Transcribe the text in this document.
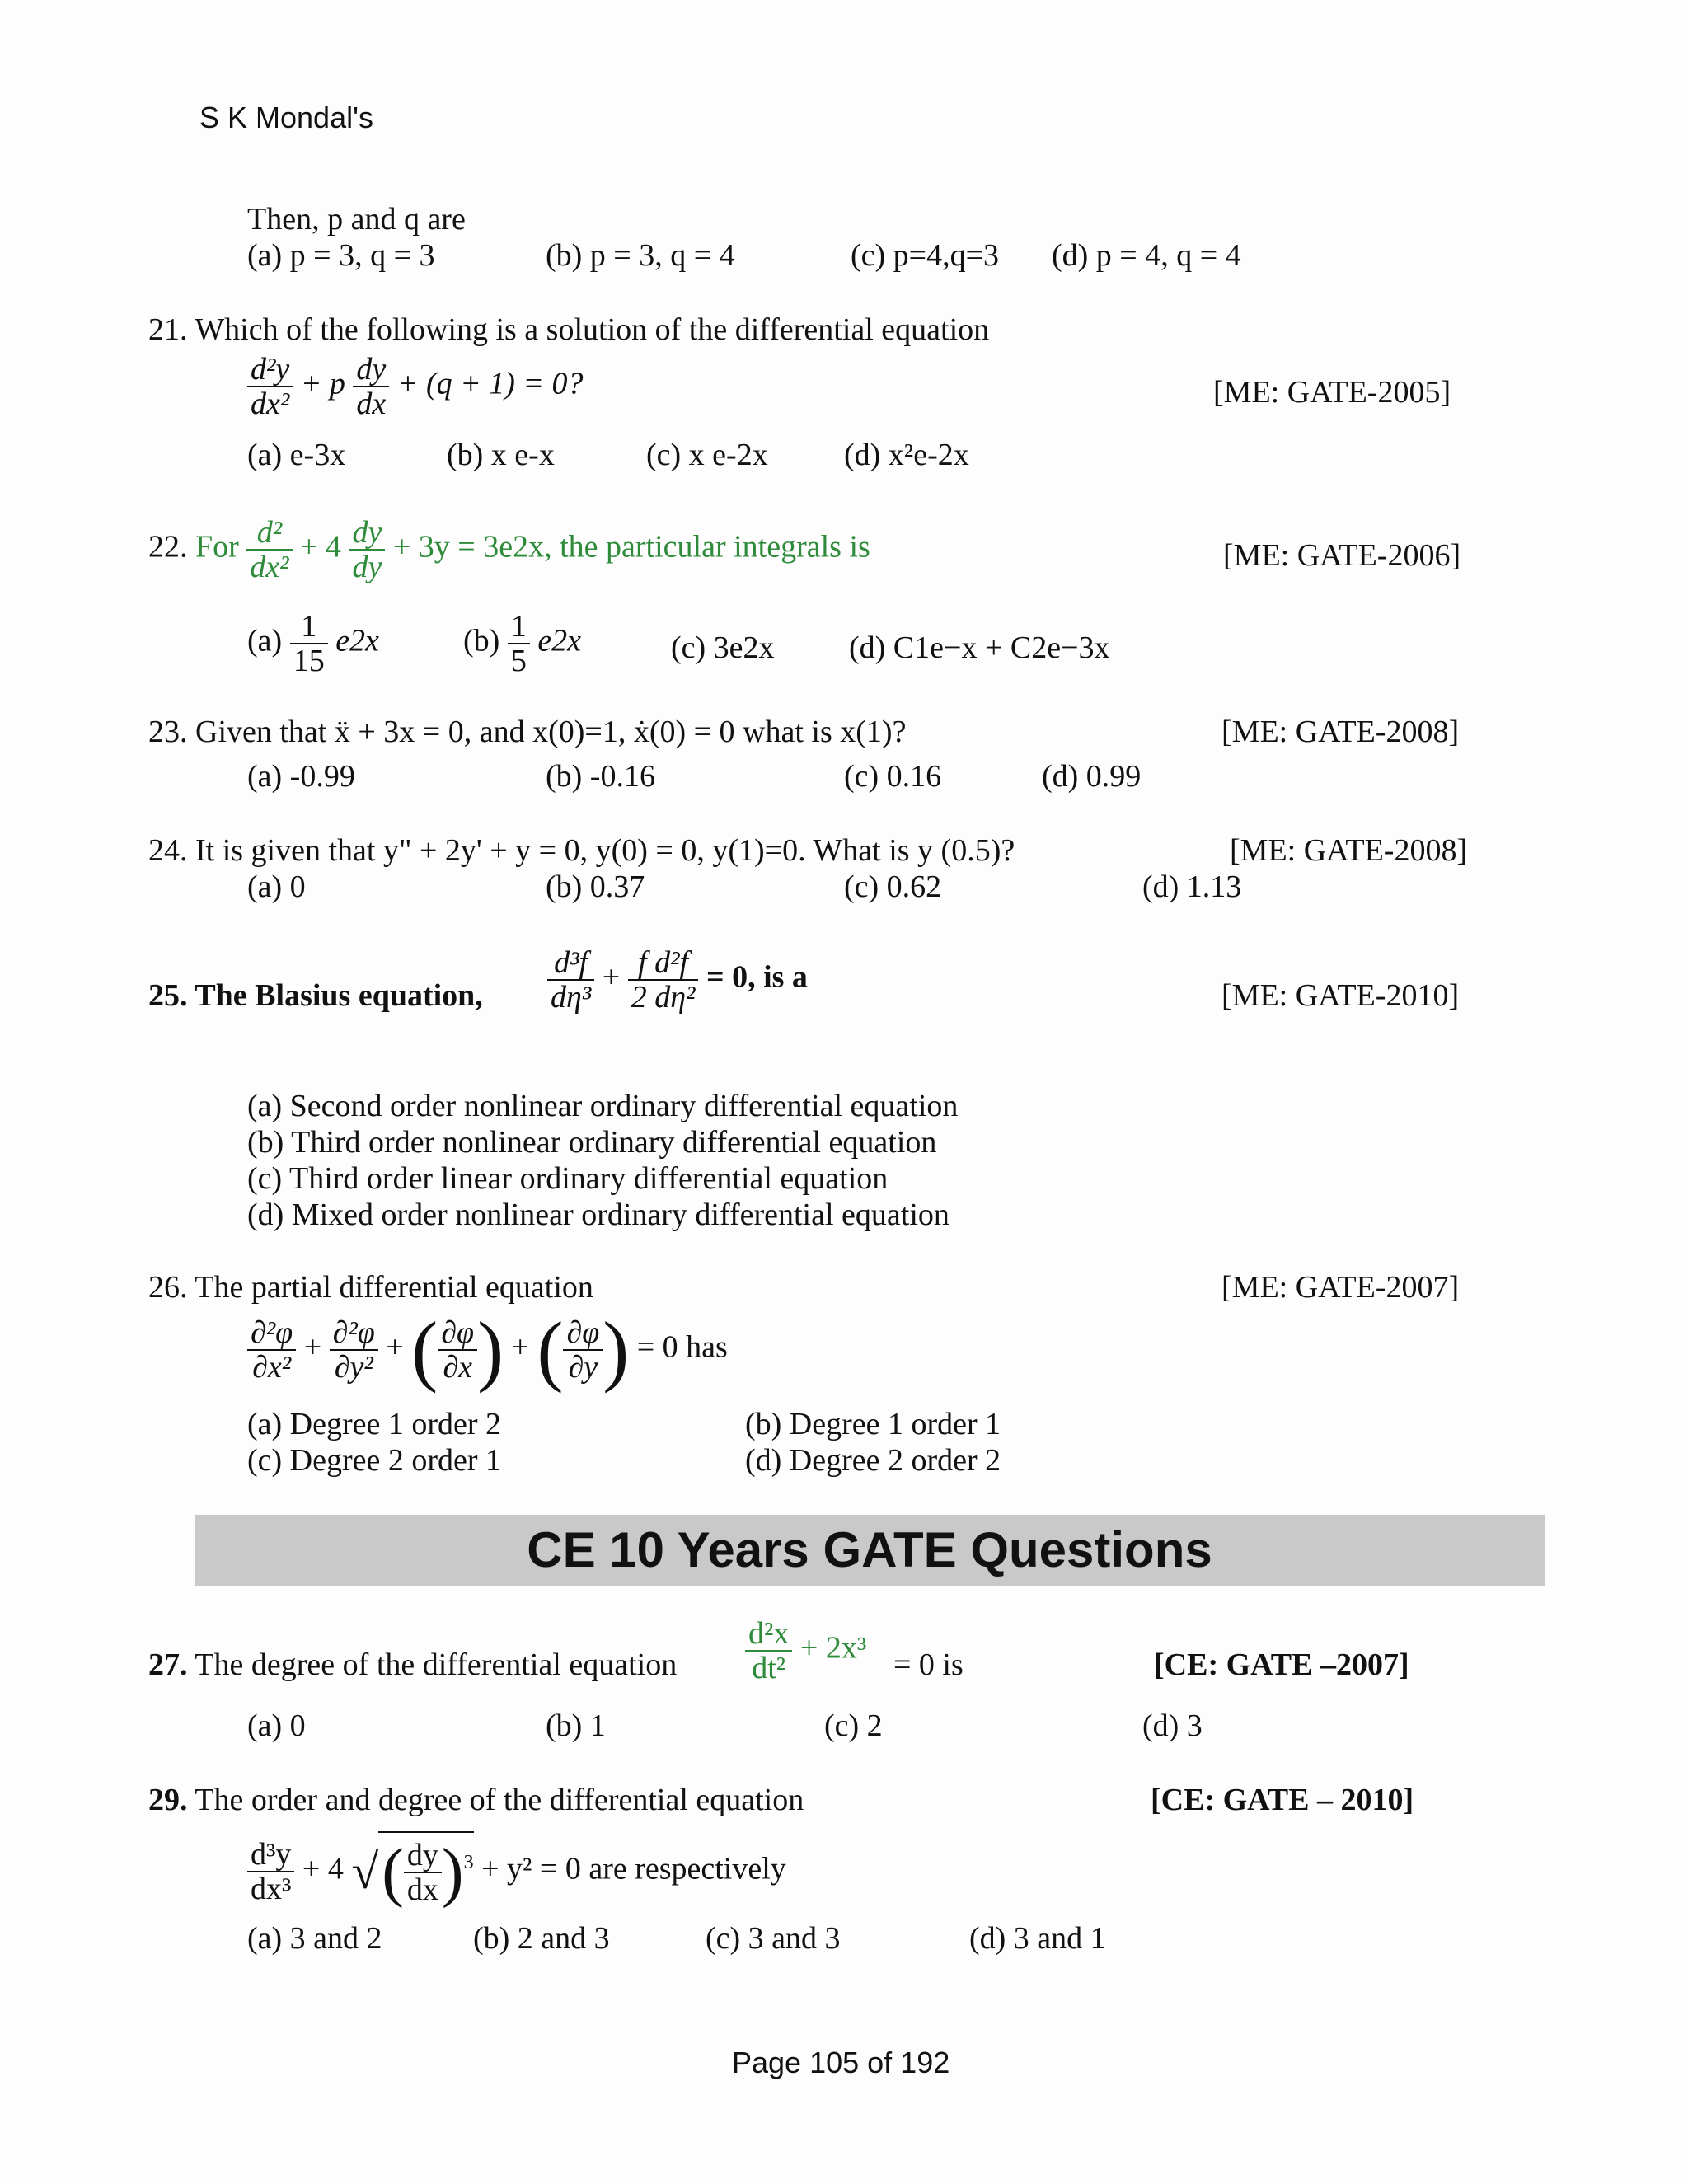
S K Mondal's
Then, p and q are
(a) p = 3, q = 3	(b) p = 3, q = 4	(c) p=4,q=3 (d) p = 4, q = 4
21. Which of the following is a solution of the differential equation
$\frac{\text{d²y}}{\text{dx²}} + p \frac{dy}{dx} + (q + 1) = 0$?	[ME: GATE-2005]
(a) e-3x	(b) x e-x	(c) x e-2x (d) x²e-2x
22. For $\frac{\text{d²}}{\text{dx²}} + 4 \frac{dy}{dy} + 3y = 3e2x$, the particular integrals is	[ME: GATE-2006]
$(a) \frac{1}{15} e2x$	$(b) \frac{1}{5} e2x$	(c) 3e2x (d) C1e−x + C2e−3x
23. Given that ẍ + 3x = 0, and x(0)=1, ẋ(0) = 0 what is x(1)?	[ME: GATE-2008]
(a) -0.99	(b) -0.16	(c) 0.16	(d) 0.99
24. It is given that y" + 2y' + y = 0, y(0) = 0, y(1)=0. What is y (0.5)?	[ME: GATE-2008]
(a) 0	(b) 0.37	(c) 0.62	(d) 1.13
25. The Blasius equation, $\frac{\text{d³f}}{\text{dη³}} + \frac{\text{f d²f}}{\text{2 dη²}} = 0$, is a
[ME: GATE-2010]
(a) Second order nonlinear ordinary differential equation
(b) Third order nonlinear ordinary differential equation
(c) Third order linear ordinary differential equation
(d) Mixed order nonlinear ordinary differential equation
26. The partial differential equation	[ME: GATE-2007]
$\frac{\text{∂²φ}}{\text{∂x²}} + \frac{\text{∂²φ}}{\text{∂y²}}$ + ( $\frac{\partial\varphi}{\partial x}$ ) + ( $\frac{\partial\varphi}{\partial y}$ ) = 0 has
(a) Degree 1 order 2	(b) Degree 1 order 1
(c) Degree 2 order 1	(d) Degree 2 order 2
CE 10 Years GATE Questions
27. The degree of the differential equation $\frac{\text{d²x}}{\text{dt²}} + 2x^3 = 0$ is	[CE: GATE –2007]
(a) 0	(b) 1	(c) 2	(d) 3
29. The order and degree of the differential equation	[CE: GATE – 2010]
$\frac{\text{d³y}}{\text{dx³}} + 4$ √( $\frac{dy}{dx} )^3 + y^2 = 0$ are respectively
(a) 3 and 2	(b) 2 and 3	(c) 3 and 3	(d) 3 and 1
Page 105 of 192
